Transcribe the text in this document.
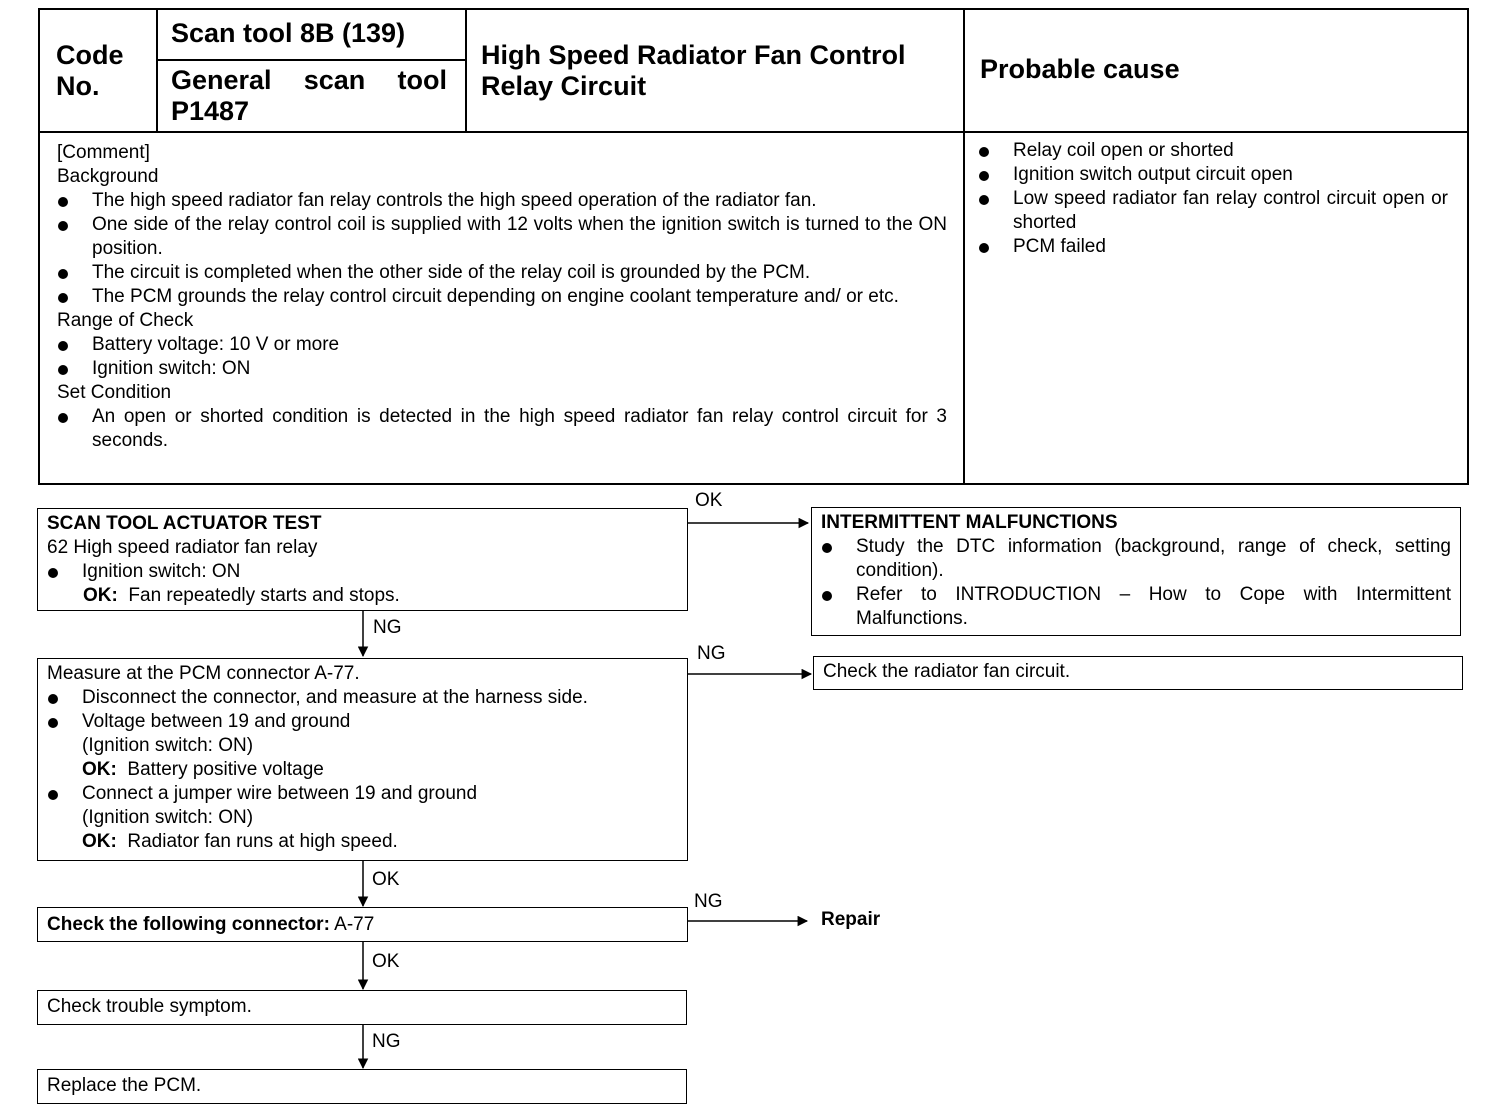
Code No.
Scan tool 8B (139)
General scan tool P1487
High Speed Radiator Fan Control Relay Circuit
Probable cause
[Comment]
Background
The high speed radiator fan relay controls the high speed operation of the radiator fan.
One side of the relay control coil is supplied with 12 volts when the ignition switch is turned to the ON position.
The circuit is completed when the other side of the relay coil is grounded by the PCM.
The PCM grounds the relay control circuit depending on engine coolant temperature and/ or etc.
Range of Check
Battery voltage: 10 V or more
Ignition switch: ON
Set Condition
An open or shorted condition is detected in the high speed radiator fan relay control circuit for 3 seconds.
Relay coil open or shorted
Ignition switch output circuit open
Low speed radiator fan relay control circuit open or shorted
PCM failed
SCAN TOOL ACTUATOR TEST
62 High speed radiator fan relay
Ignition switch: ON
OK: Fan repeatedly starts and stops.
INTERMITTENT MALFUNCTIONS
Study the DTC information (background, range of check, setting condition).
Refer to INTRODUCTION – How to Cope with Intermittent Malfunctions.
Measure at the PCM connector A-77.
Disconnect the connector, and measure at the harness side.
Voltage between 19 and ground
(Ignition switch: ON)
OK: Battery positive voltage
Connect a jumper wire between 19 and ground
(Ignition switch: ON)
OK: Radiator fan runs at high speed.
Check the radiator fan circuit.
Check the following connector: A-77	Repair
Check trouble symptom.
Replace the PCM.
OK
NG
NG
OK
NG
OK
NG
